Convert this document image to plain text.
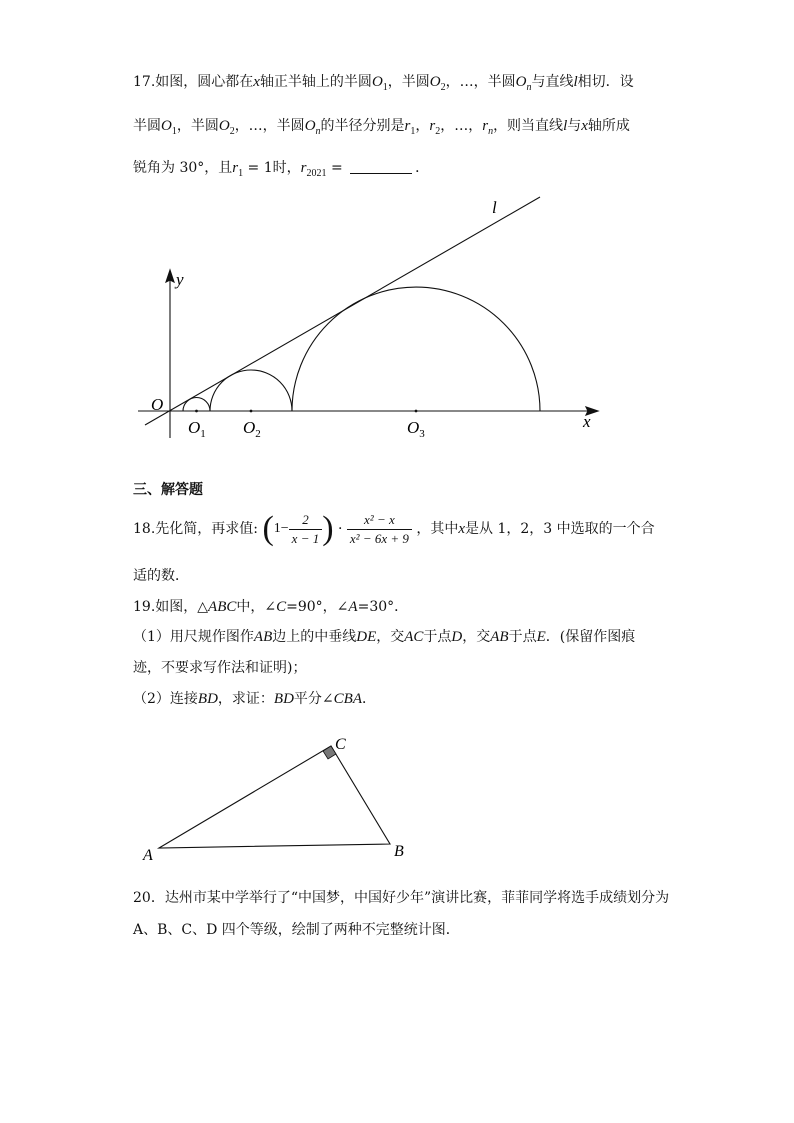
17.如图，圆心都在x轴正半轴上的半圆$O_1$，半圆$O_2$，…，半圆$O_n$与直线l相切．设
半圆$O_1$，半圆$O_2$，…，半圆$O_n$的半径分别是$r_1$，$r_2$，…，$r_n$，则当直线l与x轴所成
锐角为 30°，且$r_1 = 1$时，$r_{2021}$ =	．
l
y
x
O
$O_1$ $O_2$	$O_3$
三、解答题
18.先化简，再求值: ($1- \frac{2}{x - 1}$ ) · $\frac{\text{x² − x}}{\text{x² − 6x + 9}}$ ，其中x是从 1，2，3 中选取的一个合
适的数．
19.如图，△ABC中，∠C=90°，∠A=30°．
（1）用尺规作图作AB边上的中垂线DE，交AC于点D，交AB于点E．(保留作图痕
迹，不要求写作法和证明)；
（2）连接BD，求证：BD平分∠CBA．
A	B
C
20．达州市某中学举行了“中国梦，中国好少年”演讲比赛，菲菲同学将选手成绩划分为
A、B、C、D 四个等级，绘制了两种不完整统计图．
